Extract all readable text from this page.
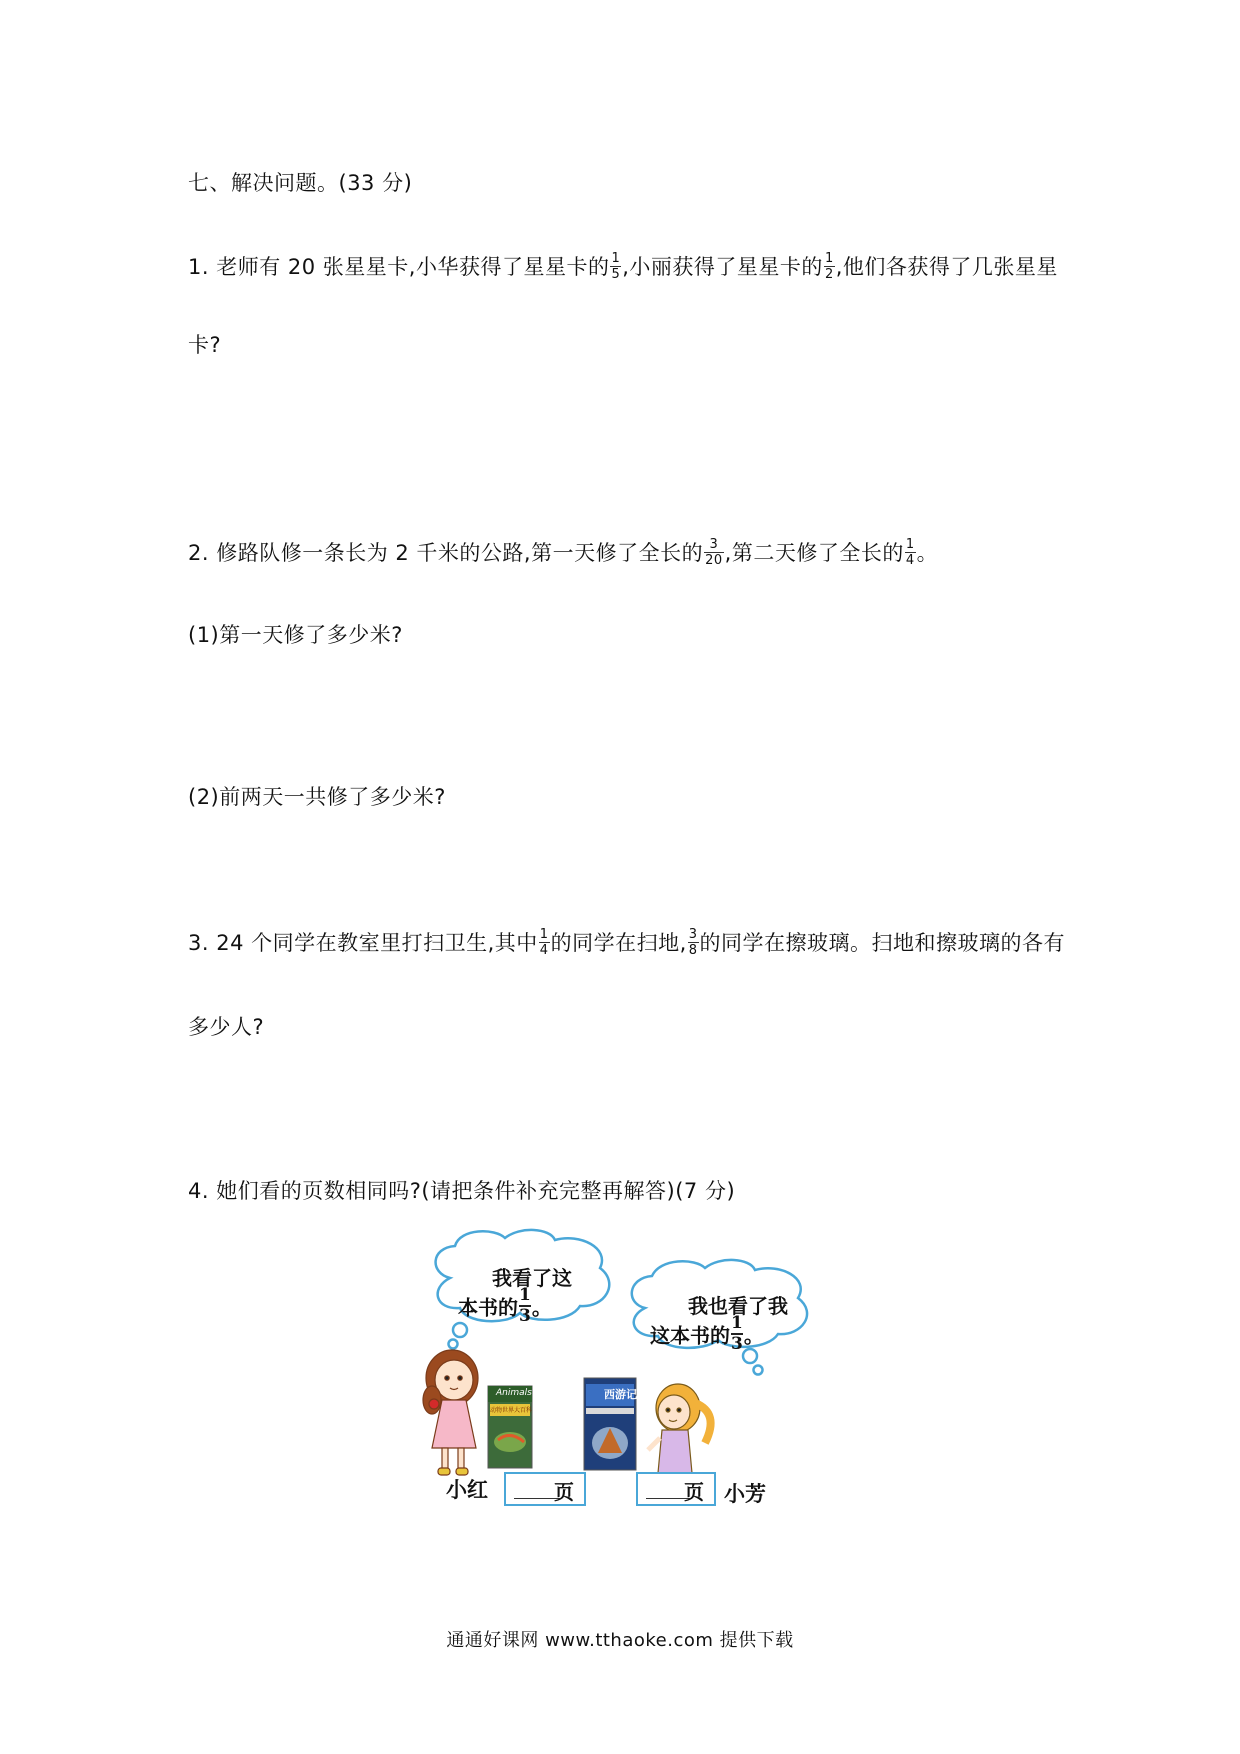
七、解决问题。(33 分)
1. 老师有 20 张星星卡,小华获得了星星卡的 $\frac{1}{5}$ ,小丽获得了星星卡的 $\frac{1}{2}$ ,他们各获得了几张星星
卡?
2. 修路队修一条长为 2 千米的公路,第一天修了全长的 $\frac{3}{20}$ ,第二天修了全长的 $\frac{1}{4}$ 。
(1)第一天修了多少米?
(2)前两天一共修了多少米?
3. 24 个同学在教室里打扫卫生,其中 $\frac{1}{4}$ 的同学在扫地, $\frac{3}{8}$ 的同学在擦玻璃。扫地和擦玻璃的各有
多少人?
4. 她们看的页数相同吗?(请把条件补充完整再解答)(7 分)
我看了这
本书的 $\frac{1}{3}$ 。	我也看了我
这本书的 $\frac{1}{3}$ 。
Animals
动物世界大百科
西游记
小红	页	页 小芳
通通好课网 www.tthaoke.com 提供下载
